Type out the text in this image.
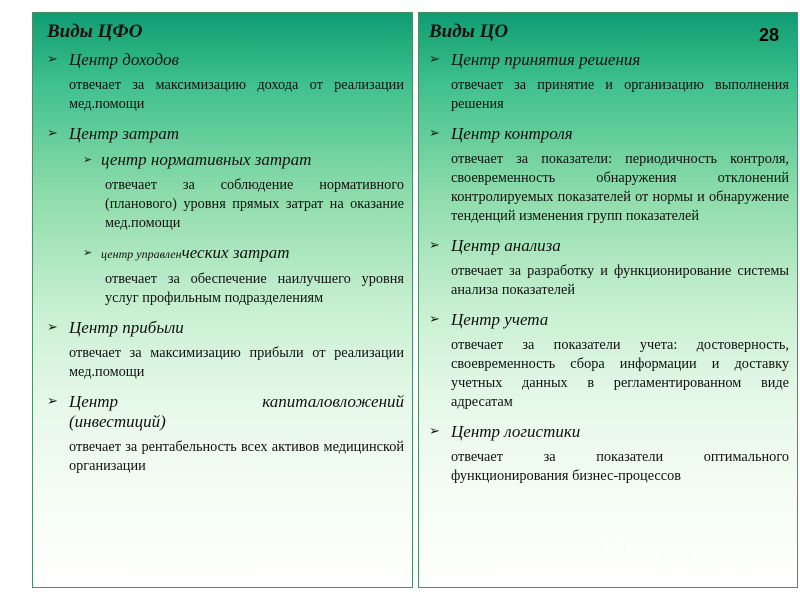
Виды ЦФО
➢ Центр доходов
отвечает за максимизацию дохода от реализации мед.помощи
➢ Центр затрат
➢ центр нормативных затрат
отвечает за соблюдение нормативного (планового) уровня прямых затрат на оказание мед.помощи
➢ центр управленческих затрат
отвечает за обеспечение наилучшего уровня услуг профильным подразделениям
➢ Центр прибыли
отвечает за максимизацию прибыли от реализации мед.помощи
➢ Центр	капиталовложений
(инвестиций)
отвечает за рентабельность всех активов медицинской организации
Виды ЦО
➢ Центр принятия решения
отвечает за принятие и организацию выполнения решения
➢ Центр контроля
отвечает за показатели: периодичность контроля, своевременность обнаружения отклонений контролируемых показателей от нормы и обнаружение тенденций изменения групп показателей
➢ Центр анализа
отвечает за разработку и функционирование системы анализа показателей
➢ Центр учета
отвечает за показатели учета: достоверность, своевременность сбора информации и доставку учетных данных в регламентированном виде адресатам
➢ Центр логистики
отвечает за показатели оптимального функционирования бизнес-процессов
28
MyShared
